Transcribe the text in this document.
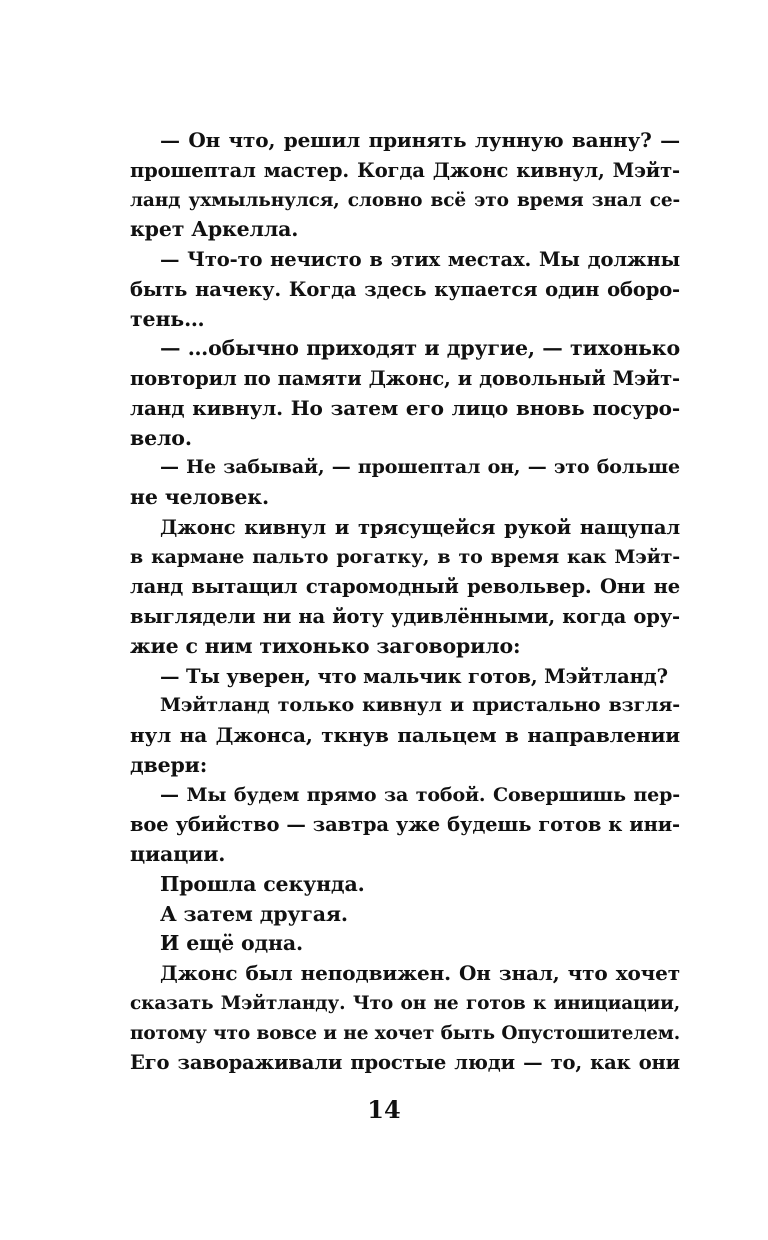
— Он что, решил принять лунную ванну? —
прошептал мастер. Когда Джонс кивнул, Мэйт-
ланд ухмыльнулся, словно всё это время знал се-
крет Аркелла.
— Что-то нечисто в этих местах. Мы должны
быть начеку. Когда здесь купается один оборо-
тень…
— …обычно приходят и другие, — тихонько
повторил по памяти Джонс, и довольный Мэйт-
ланд кивнул. Но затем его лицо вновь посуро-
вело.
— Не забывай, — прошептал он, — это больше
не человек.
Джонс кивнул и трясущейся рукой нащупал
в кармане пальто рогатку, в то время как Мэйт-
ланд вытащил старомодный револьвер. Они не
выглядели ни на йоту удивлёнными, когда ору-
жие с ним тихонько заговорило:
— Ты уверен, что мальчик готов, Мэйтланд?
Мэйтланд только кивнул и пристально взгля-
нул на Джонса, ткнув пальцем в направлении
двери:
— Мы будем прямо за тобой. Совершишь пер-
вое убийство — завтра уже будешь готов к ини-
циации.
Прошла секунда.
А затем другая.
И ещё одна.
Джонс был неподвижен. Он знал, что хочет
сказать Мэйтланду. Что он не готов к инициации,
потому что вовсе и не хочет быть Опустошителем.
Его завораживали простые люди — то, как они
14
